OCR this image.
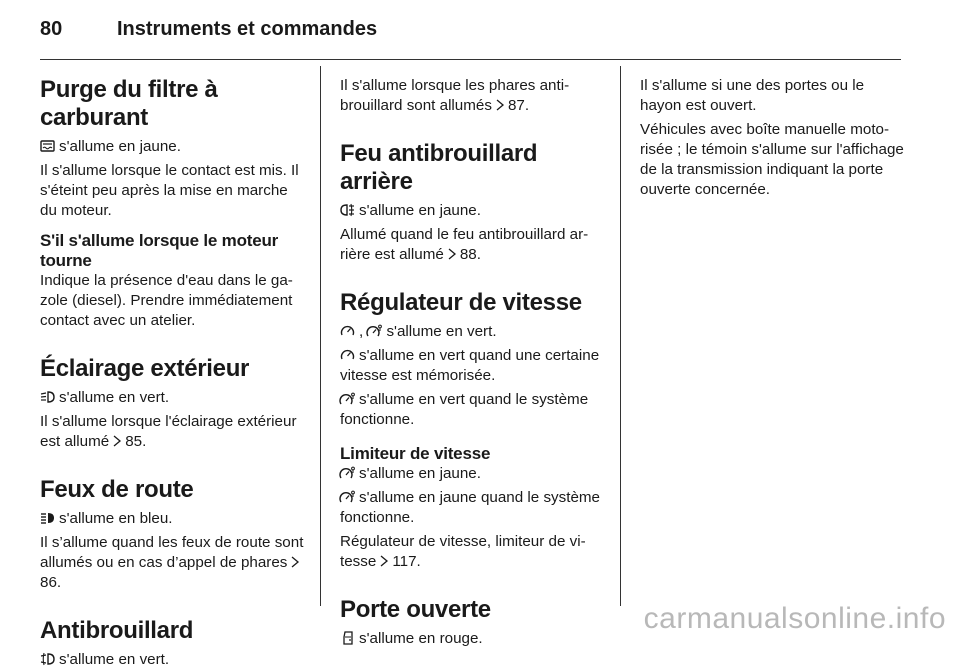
80	Instruments et commandes
Purge du filtre à carburant

s'allume en jaune.

Il s'allume lorsque le contact est mis. Il s'éteint peu après la mise en marche du moteur.

S'il s'allume lorsque le moteur tourne

Indique la présence d'eau dans le gazole (diesel). Prendre immédiatement contact avec un atelier.

Éclairage extérieur

s'allume en vert.

Il s'allume lorsque l'éclairage extérieur est allumé 85.

Feux de route

s'allume en bleu.

Il s’allume quand les feux de route sont allumés ou en cas d’appel de phares
86.

Antibrouillard

s'allume en vert.

Il s'allume lorsque les phares antibrouillard sont allumés 87.

Feu antibrouillard arrière

s'allume en jaune.

Allumé quand le feu antibrouillard arrière est allumé 88.

Régulateur de vitesse

,
s'allume en vert.

s'allume en vert quand une certaine vitesse est mémorisée.

s'allume en vert quand le système fonctionne.

Limiteur de vitesse

s'allume en jaune.

s'allume en jaune quand le système fonctionne.

Régulateur de vitesse, limiteur de vitesse 117.

Porte ouverte

s'allume en rouge.

Il s'allume si une des portes ou le hayon est ouvert.

Véhicules avec boîte manuelle motorisée ; le témoin s'allume sur l'affichage de la transmission indiquant la porte ouverte concernée.

carmanualsonline.info
